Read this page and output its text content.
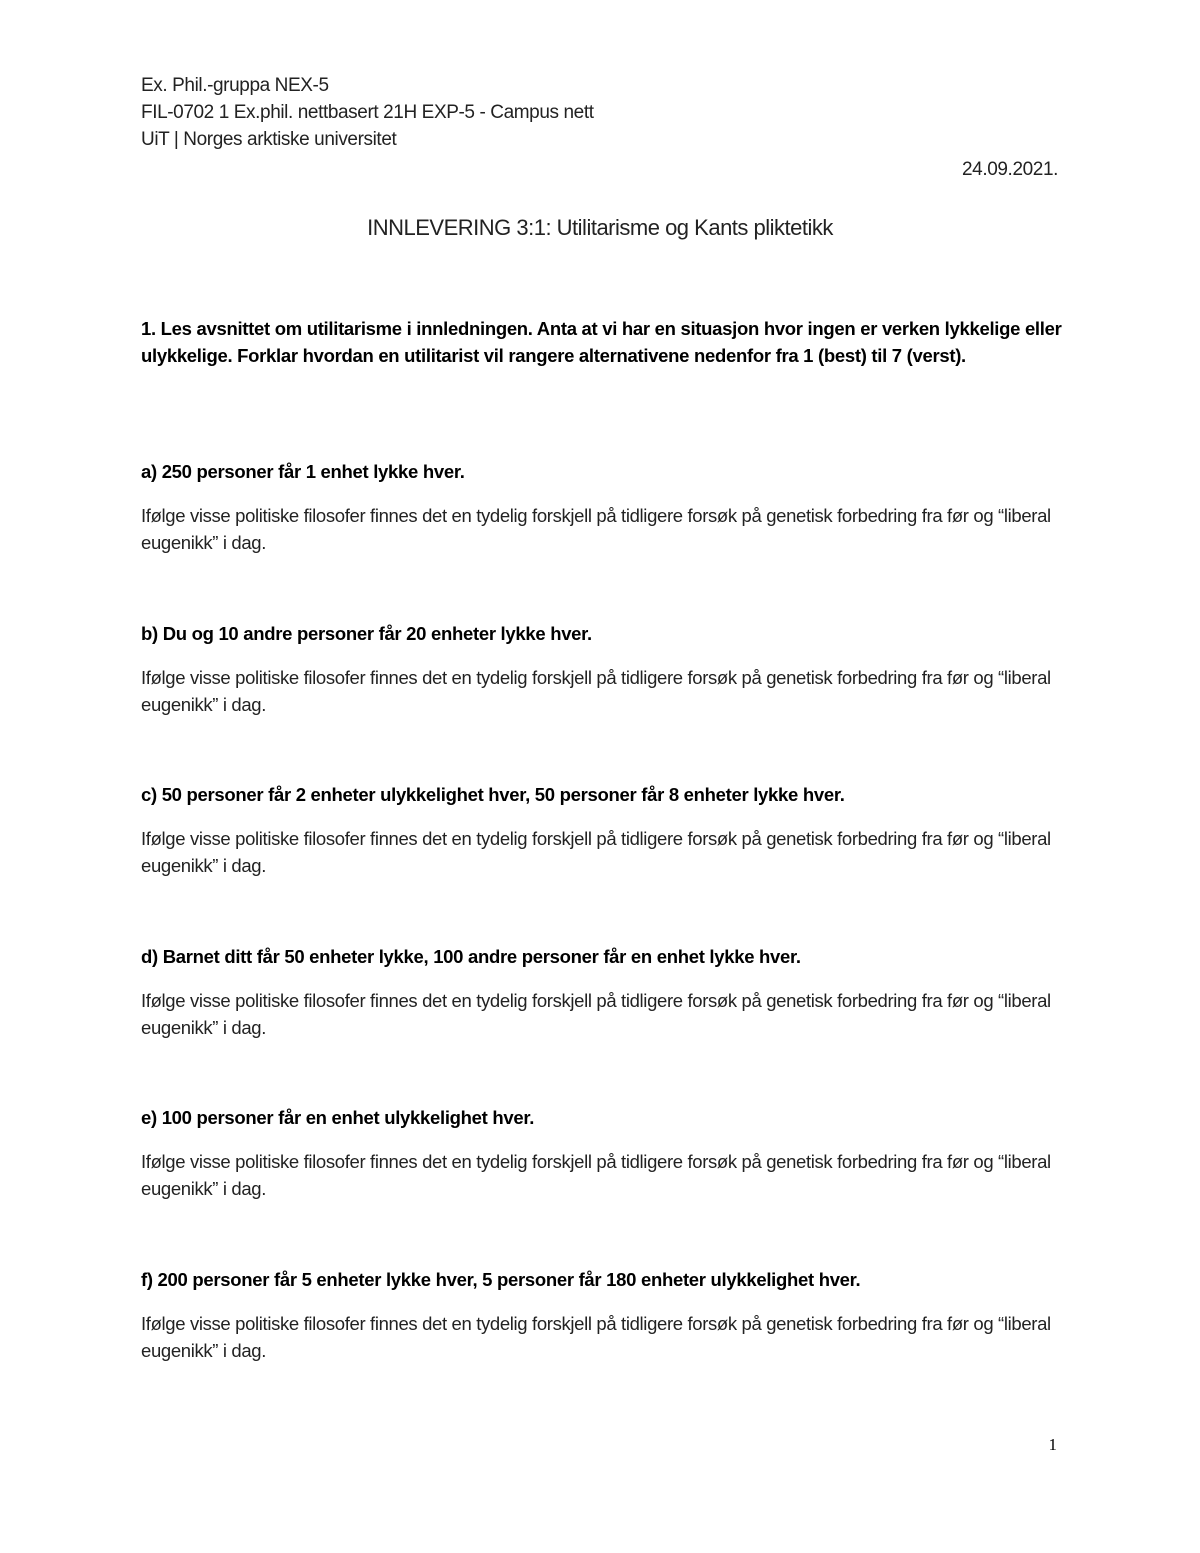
Ex. Phil.-gruppa NEX-5
FIL-0702 1 Ex.phil. nettbasert 21H EXP-5 - Campus nett
UiT | Norges arktiske universitet
24.09.2021.
INNLEVERING 3:1: Utilitarisme og Kants pliktetikk
1. Les avsnittet om utilitarisme i innledningen. Anta at vi har en situasjon hvor ingen er verken lykkelige eller ulykkelige. Forklar hvordan en utilitarist vil rangere alternativene nedenfor fra 1 (best) til 7 (verst).

a) 250 personer får 1 enhet lykke hver.

Ifølge visse politiske filosofer finnes det en tydelig forskjell på tidligere forsøk på genetisk forbedring fra før og “liberal eugenikk” i dag.

b) Du og 10 andre personer får 20 enheter lykke hver.

Ifølge visse politiske filosofer finnes det en tydelig forskjell på tidligere forsøk på genetisk forbedring fra før og “liberal eugenikk” i dag.

c) 50 personer får 2 enheter ulykkelighet hver, 50 personer får 8 enheter lykke hver.

Ifølge visse politiske filosofer finnes det en tydelig forskjell på tidligere forsøk på genetisk forbedring fra før og “liberal eugenikk” i dag.

d) Barnet ditt får 50 enheter lykke, 100 andre personer får en enhet lykke hver.

Ifølge visse politiske filosofer finnes det en tydelig forskjell på tidligere forsøk på genetisk forbedring fra før og “liberal eugenikk” i dag.

e) 100 personer får en enhet ulykkelighet hver.

Ifølge visse politiske filosofer finnes det en tydelig forskjell på tidligere forsøk på genetisk forbedring fra før og “liberal eugenikk” i dag.

f) 200 personer får 5 enheter lykke hver, 5 personer får 180 enheter ulykkelighet hver.

Ifølge visse politiske filosofer finnes det en tydelig forskjell på tidligere forsøk på genetisk forbedring fra før og “liberal eugenikk” i dag.

1
